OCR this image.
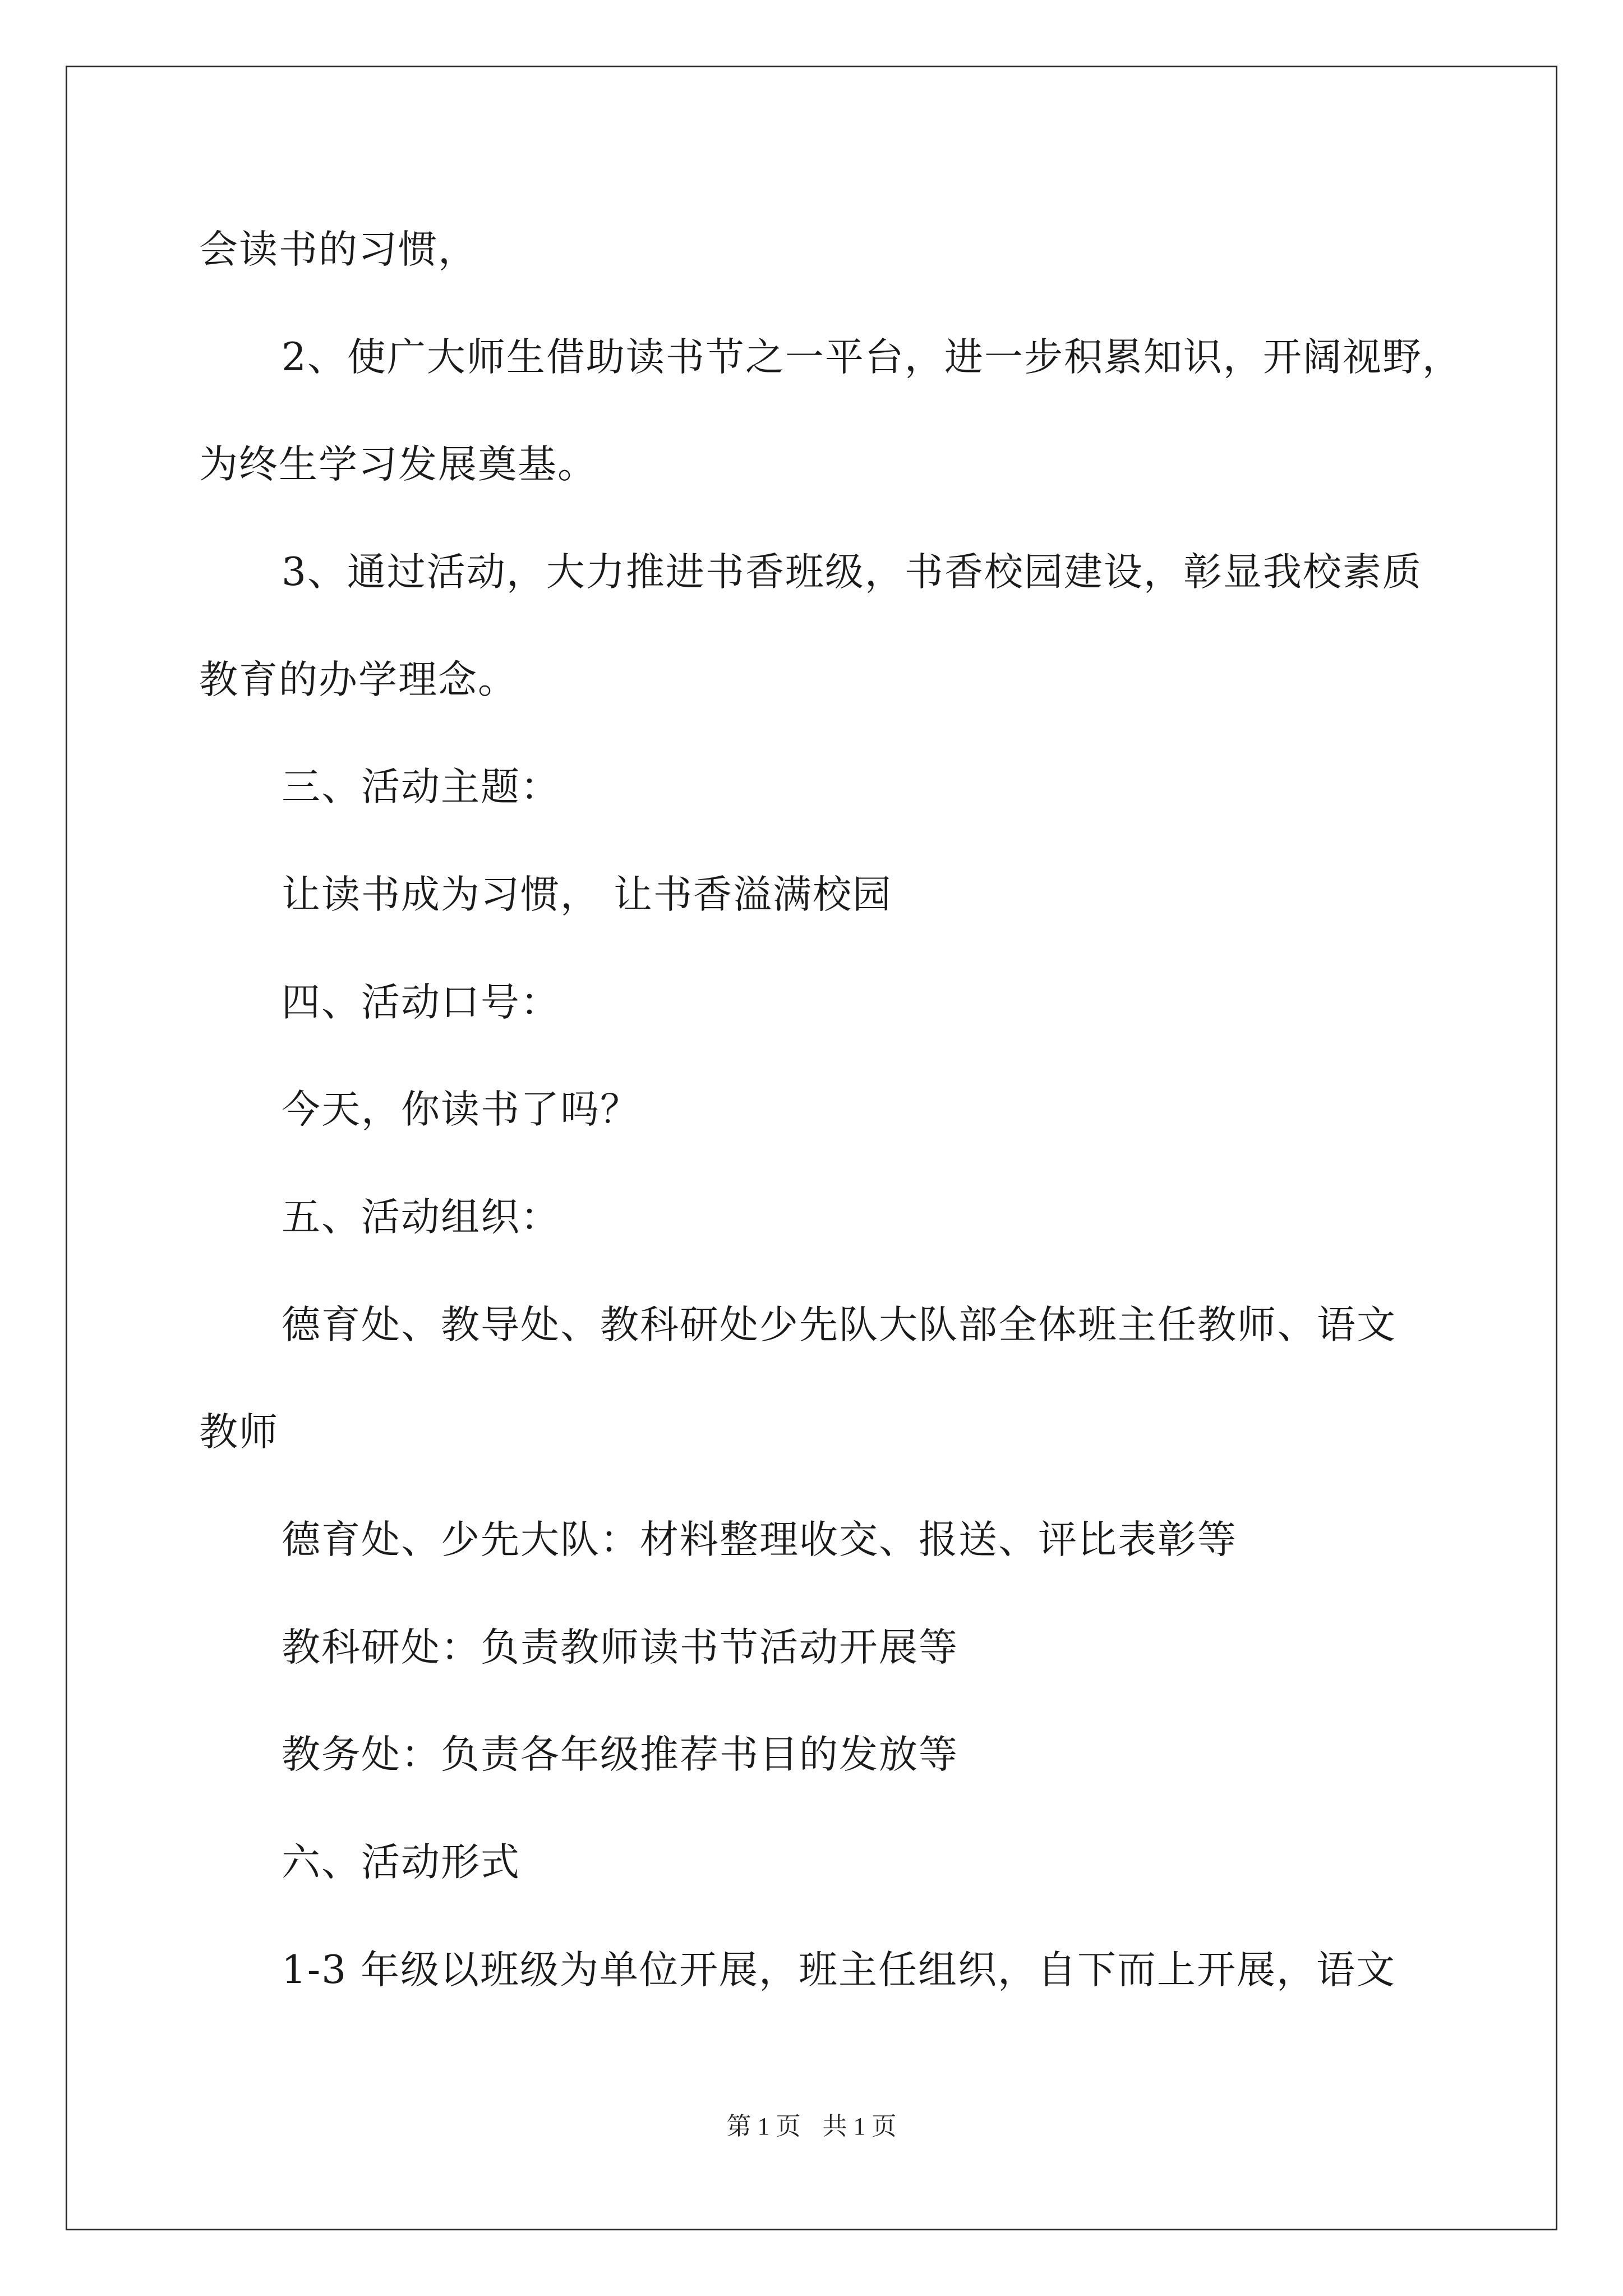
会读书的习惯，
2、使广大师生借助读书节之一平台，进一步积累知识，开阔视野，
为终生学习发展奠基。
3、通过活动，大力推进书香班级，书香校园建设，彰显我校素质
教育的办学理念。
三、活动主题：
让读书成为习惯， 让书香溢满校园
四、活动口号：
今天，你读书了吗？
五、活动组织：
德育处、教导处、教科研处少先队大队部全体班主任教师、语文
教师
德育处、少先大队：材料整理收交、报送、评比表彰等
教科研处：负责教师读书节活动开展等
教务处：负责各年级推荐书目的发放等
六、活动形式
1-3 年级以班级为单位开展，班主任组织，自下而上开展，语文
第 1 页 共 1 页
